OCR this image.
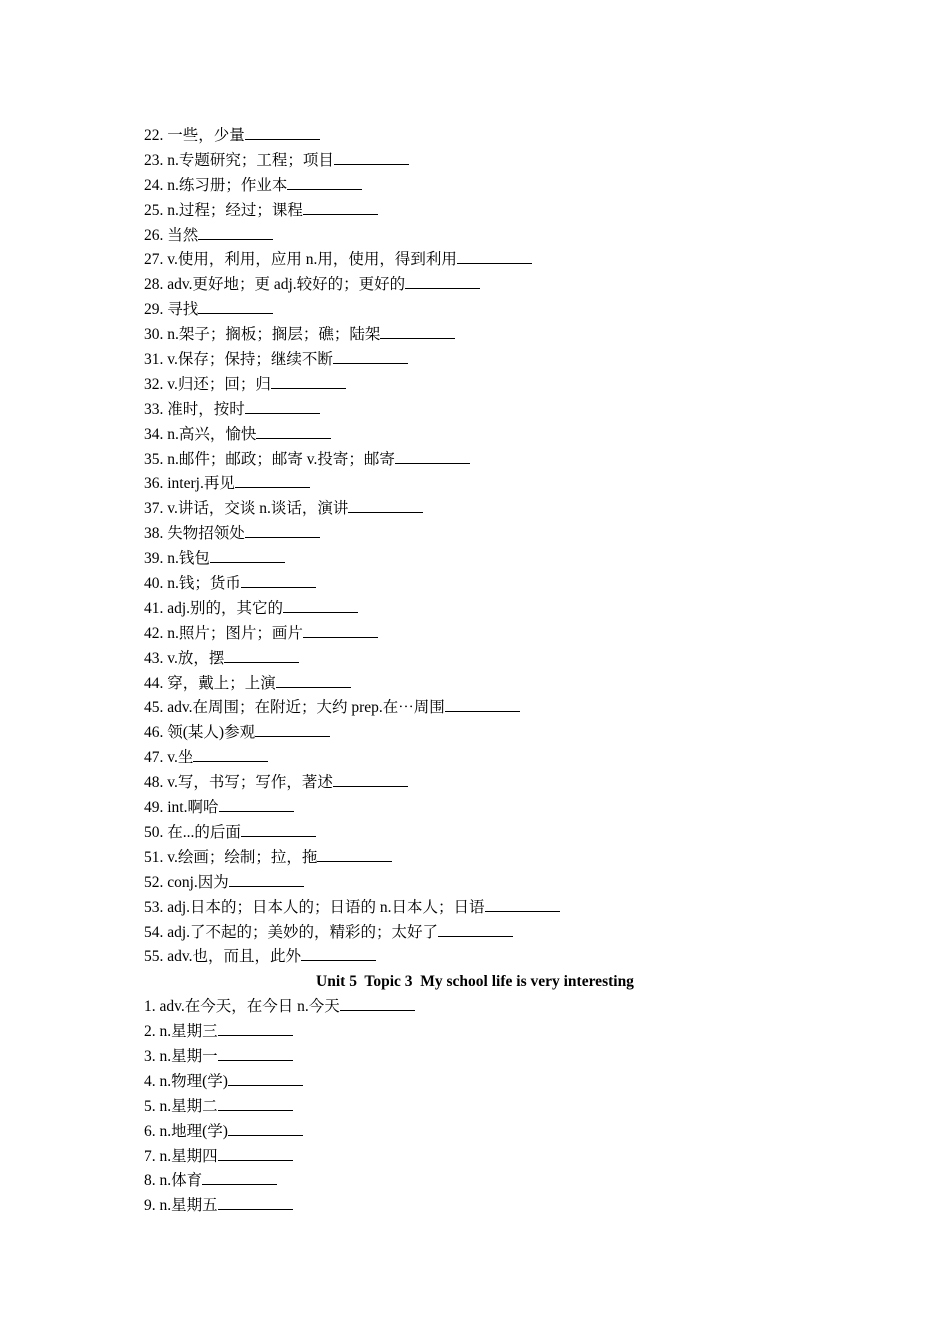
22. 一些，少量
23. n.专题研究；工程；项目
24. n.练习册；作业本
25. n.过程；经过；课程
26. 当然
27. v.使用，利用，应用 n.用，使用，得到利用
28. adv.更好地；更 adj.较好的；更好的
29. 寻找
30. n.架子；搁板；搁层；礁；陆架
31. v.保存；保持；继续不断
32. v.归还；回；归
33. 准时，按时
34. n.高兴，愉快
35. n.邮件；邮政；邮寄 v.投寄；邮寄
36. interj.再见
37. v.讲话，交谈 n.谈话，演讲
38. 失物招领处
39. n.钱包
40. n.钱；货币
41. adj.别的，其它的
42. n.照片；图片；画片
43. v.放，摆
44. 穿，戴上；上演
45. adv.在周围；在附近；大约 prep.在⋯周围
46. 领(某人)参观
47. v.坐
48. v.写，书写；写作，著述
49. int.啊哈
50. 在...的后面
51. v.绘画；绘制；拉，拖
52. conj.因为
53. adj.日本的；日本人的；日语的 n.日本人；日语
54. adj.了不起的；美妙的，精彩的；太好了
55. adv.也，而且，此外
Unit 5  Topic 3  My school life is very interesting
1. adv.在今天，在今日 n.今天
2. n.星期三
3. n.星期一
4. n.物理(学)
5. n.星期二
6. n.地理(学)
7. n.星期四
8. n.体育
9. n.星期五
